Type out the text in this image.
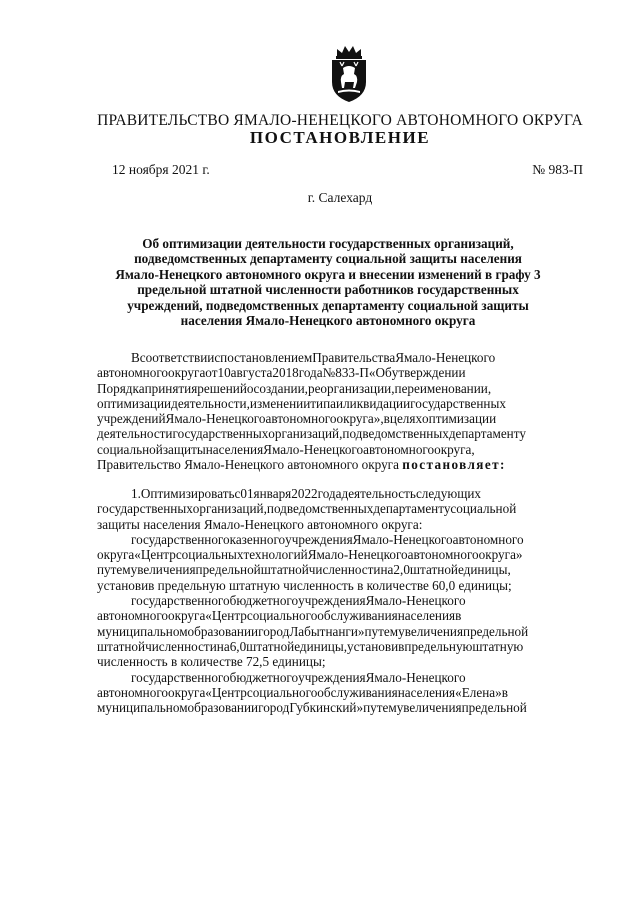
ПРАВИТЕЛЬСТВО ЯМАЛО-НЕНЕЦКОГО АВТОНОМНОГО ОКРУГА
ПОСТАНОВЛЕНИЕ
12 ноября 2021 г.	№ 983-П
г. Салехард
Об оптимизации деятельности государственных организаций,
подведомственных департаменту социальной защиты населения
Ямало-Ненецкого автономного округа и внесении изменений в графу 3
предельной штатной численности работников государственных
учреждений, подведомственных департаменту социальной защиты
населения Ямало-Ненецкого автономного округа
ВсоответствииспостановлениемПравительстваЯмало-Ненецкого
автономногоокругаот10августа2018года№833-П«Обутверждении
Порядкапринятиярешенийосоздании,реорганизации,переименовании,
оптимизациидеятельности,изменениитипаиликвидациигосударственных
учрежденийЯмало-Ненецкогоавтономногоокруга»,вцеляхоптимизации
деятельностигосударственныхорганизаций,подведомственныхдепартаменту
социальнойзащитынаселенияЯмало-Ненецкогоавтономногоокруга,
Правительство Ямало-Ненецкого автономного округа постановляет:
1.Оптимизироватьс01января2022годадеятельностьследующих
государственныхорганизаций,подведомственныхдепартаментусоциальной
защиты населения Ямало-Ненецкого автономного округа:
государственногоказенногоучрежденияЯмало-Ненецкогоавтономного
округа«ЦентрсоциальныхтехнологийЯмало-Ненецкогоавтономногоокруга»
путемувеличенияпредельнойштатнойчисленностина2,0штатнойединицы,
установив предельную штатную численность в количестве 60,0 единицы;
государственногобюджетногоучрежденияЯмало-Ненецкого
автономногоокруга«Центрсоциальногообслуживаниянаселенияв
муниципальномобразованиигородЛабытнанги»путемувеличенияпредельной
штатнойчисленностина6,0штатнойединицы,установивпредельнуюштатную
численность в количестве 72,5 единицы;
государственногобюджетногоучрежденияЯмало-Ненецкого
автономногоокруга«Центрсоциальногообслуживаниянаселения«Елена»в
муниципальномобразованиигородГубкинский»путемувеличенияпредельной
